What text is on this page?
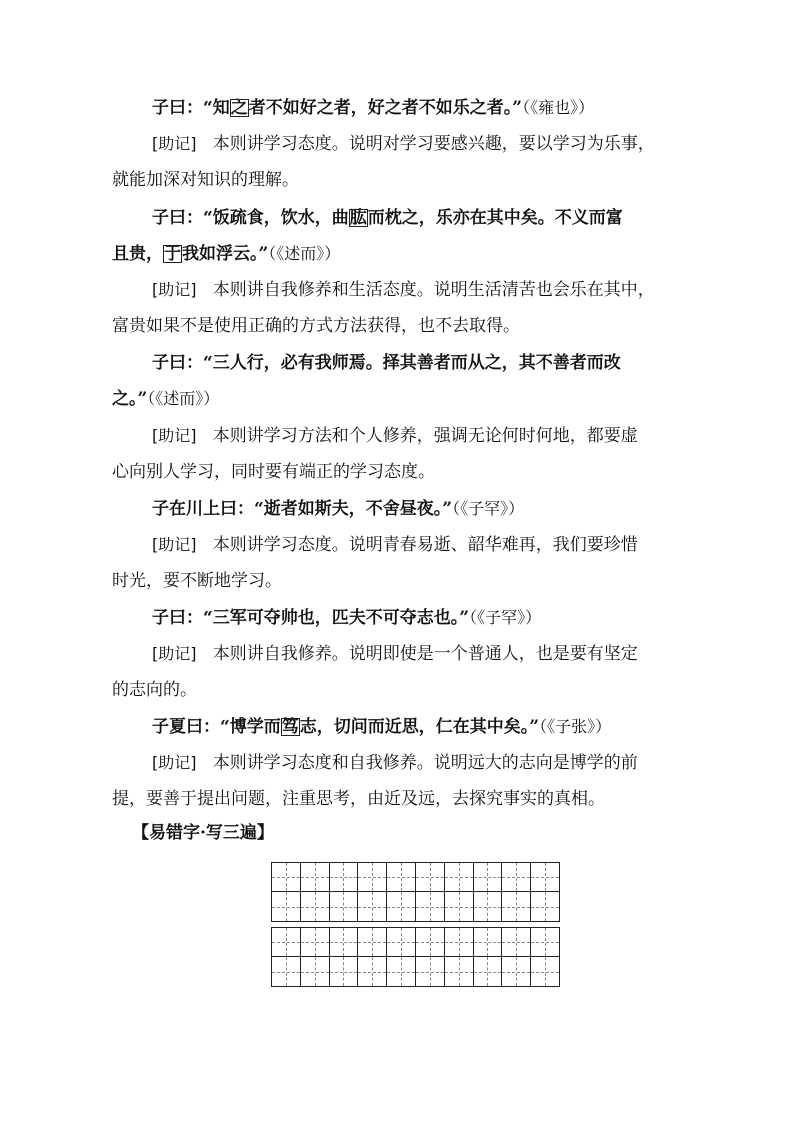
子曰：“知之者不如好之者，好之者不如乐之者。”（《雍也》）
[助记] 本则讲学习态度。说明对学习要感兴趣，要以学习为乐事，
就能加深对知识的理解。
子曰：“饭疏食，饮水，曲肱而枕之，乐亦在其中矣。不义而富
且贵，于我如浮云。”（《述而》）
[助记] 本则讲自我修养和生活态度。说明生活清苦也会乐在其中，
富贵如果不是使用正确的方式方法获得，也不去取得。
子曰：“三人行，必有我师焉。择其善者而从之，其不善者而改
之。”（《述而》）
[助记] 本则讲学习方法和个人修养，强调无论何时何地，都要虚
心向别人学习，同时要有端正的学习态度。
子在川上曰：“逝者如斯夫，不舍昼夜。”（《子罕》）
[助记] 本则讲学习态度。说明青春易逝、韶华难再，我们要珍惜
时光，要不断地学习。
子曰：“三军可夺帅也，匹夫不可夺志也。”（《子罕》）
[助记] 本则讲自我修养。说明即使是一个普通人，也是要有坚定
的志向的。
子夏曰：“博学而笃志，切问而近思，仁在其中矣。”（《子张》）
[助记] 本则讲学习态度和自我修养。说明远大的志向是博学的前
提，要善于提出问题，注重思考，由近及远，去探究事实的真相。
【易错字·写三遍】
